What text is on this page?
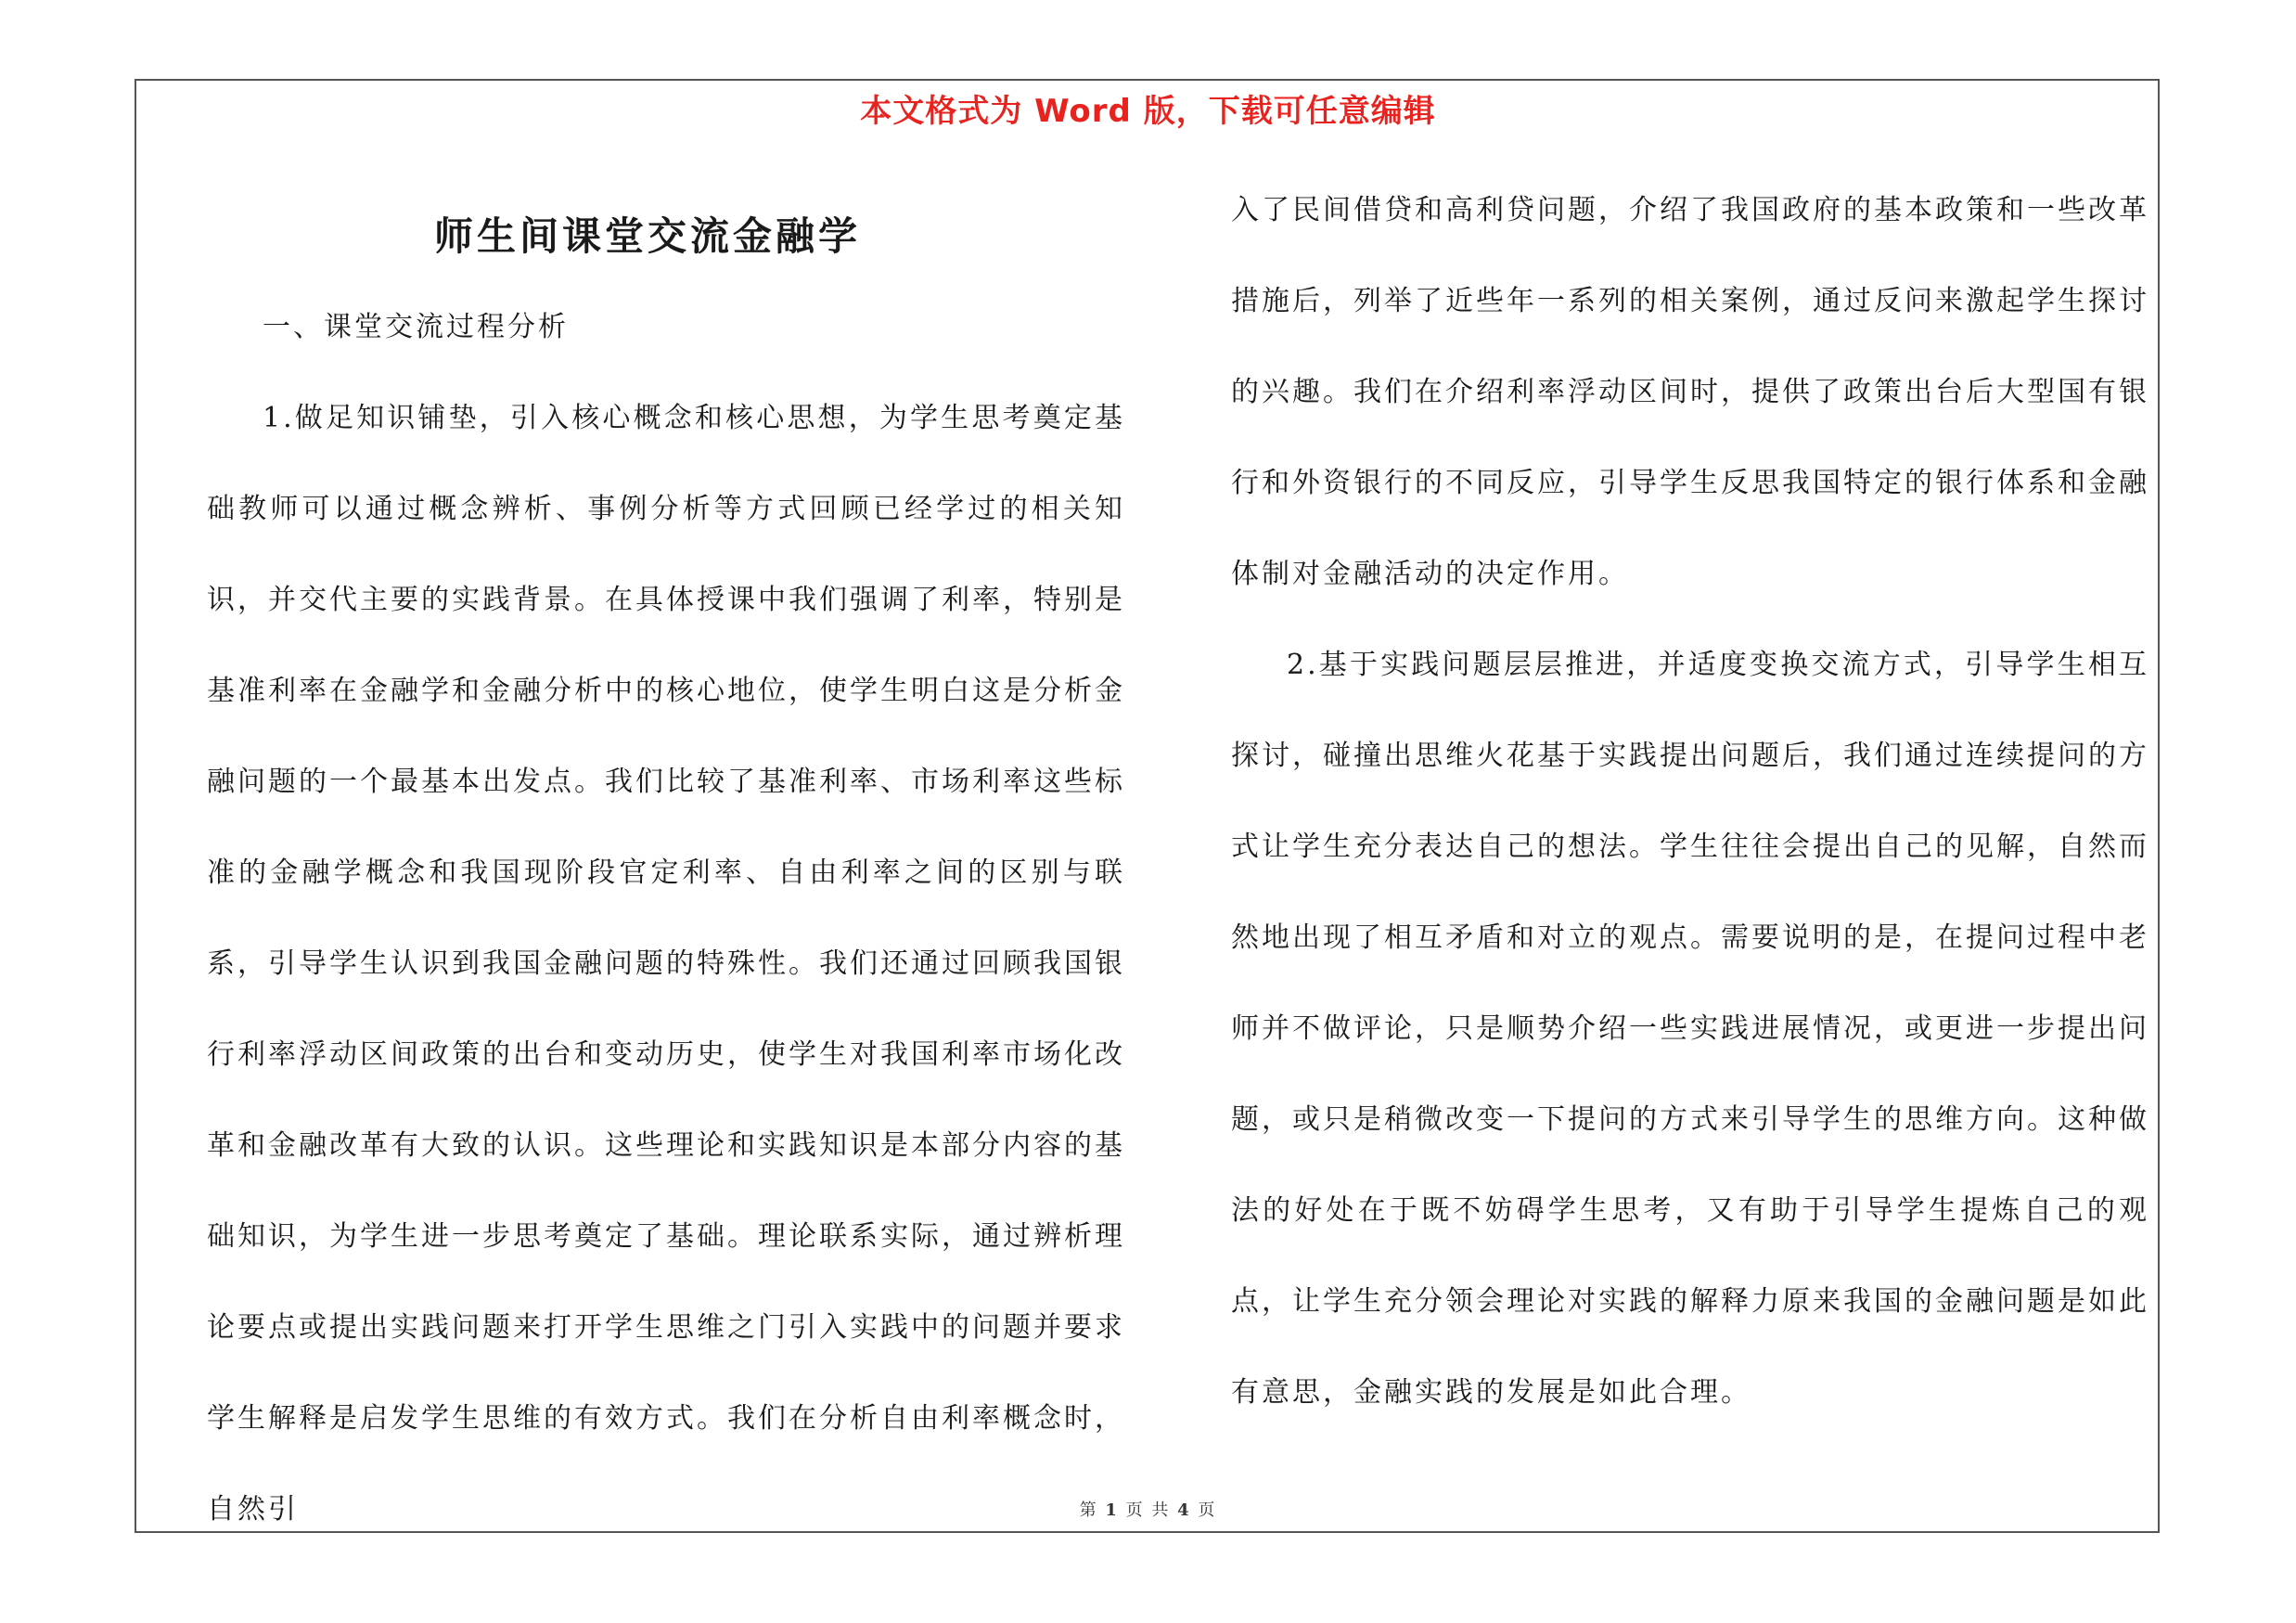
本文格式为 Word 版，下载可任意编辑
师生间课堂交流金融学

一、课堂交流过程分析

1.做足知识铺垫，引入核心概念和核心思想，为学生思考奠定基础教师可以通过概念辨析、事例分析等方式回顾已经学过的相关知识，并交代主要的实践背景。在具体授课中我们强调了利率，特别是基准利率在金融学和金融分析中的核心地位，使学生明白这是分析金融问题的一个最基本出发点。我们比较了基准利率、市场利率这些标准的金融学概念和我国现阶段官定利率、自由利率之间的区别与联系，引导学生认识到我国金融问题的特殊性。我们还通过回顾我国银行利率浮动区间政策的出台和变动历史，使学生对我国利率市场化改革和金融改革有大致的认识。这些理论和实践知识是本部分内容的基础知识，为学生进一步思考奠定了基础。理论联系实际，通过辨析理论要点或提出实践问题来打开学生思维之门引入实践中的问题并要求学生解释是启发学生思维的有效方式。我们在分析自由利率概念时，自然引

入了民间借贷和高利贷问题，介绍了我国政府的基本政策和一些改革措施后，列举了近些年一系列的相关案例，通过反问来激起学生探讨的兴趣。我们在介绍利率浮动区间时，提供了政策出台后大型国有银行和外资银行的不同反应，引导学生反思我国特定的银行体系和金融体制对金融活动的决定作用。

2.基于实践问题层层推进，并适度变换交流方式，引导学生相互探讨，碰撞出思维火花基于实践提出问题后，我们通过连续提问的方式让学生充分表达自己的想法。学生往往会提出自己的见解，自然而然地出现了相互矛盾和对立的观点。需要说明的是，在提问过程中老师并不做评论，只是顺势介绍一些实践进展情况，或更进一步提出问题，或只是稍微改变一下提问的方式来引导学生的思维方向。这种做法的好处在于既不妨碍学生思考，又有助于引导学生提炼自己的观点，让学生充分领会理论对实践的解释力原来我国的金融问题是如此有意思，金融实践的发展是如此合理。

第 1 页 共 4 页
